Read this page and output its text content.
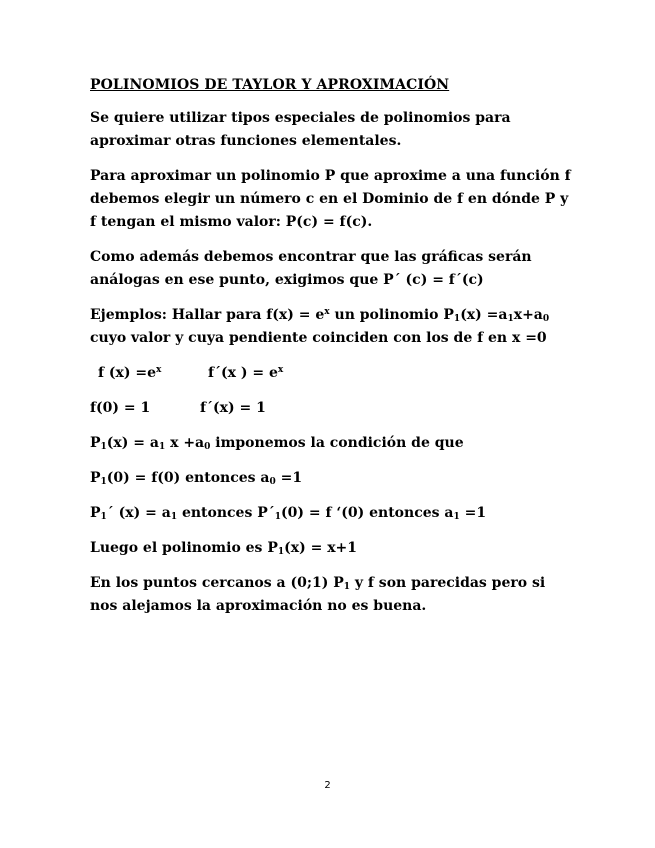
POLINOMIOS DE TAYLOR Y APROXIMACIÓN

Se quiere utilizar tipos especiales de polinomios para aproximar otras funciones elementales.

Para aproximar un polinomio P que aproxime a una función f debemos elegir un número c en el Dominio de f en dónde P y f tengan el mismo valor: P(c) = f(c).

Como además debemos encontrar que las gráficas serán análogas en ese punto, exigimos que P´ (c) = f´(c)

Ejemplos: Hallar para $f(x) = e^x$ un polinomio $P_1(x) =a_1x+a_0$ cuyo valor y cuya pendiente coinciden con los de f en x =0

f $(x) =e^x$	f´(x ) = $e^x$
f(0) = 1	f´(x) = 1

$P_1(x) = a_1$ $x +a_0$ imponemos la condición de que

$P_1(0) = f(0)$ entonces $a_0 =1$

$P_1´$ $(x) = a_1$ entonces $P´_1(0) = f$ ‘(0) entonces $a_1 =1$

Luego el polinomio es $P_1(x) = x+1$

En los puntos cercanos a (0;1) $P_1$ y f son parecidas pero si nos alejamos la aproximación no es buena.

2
